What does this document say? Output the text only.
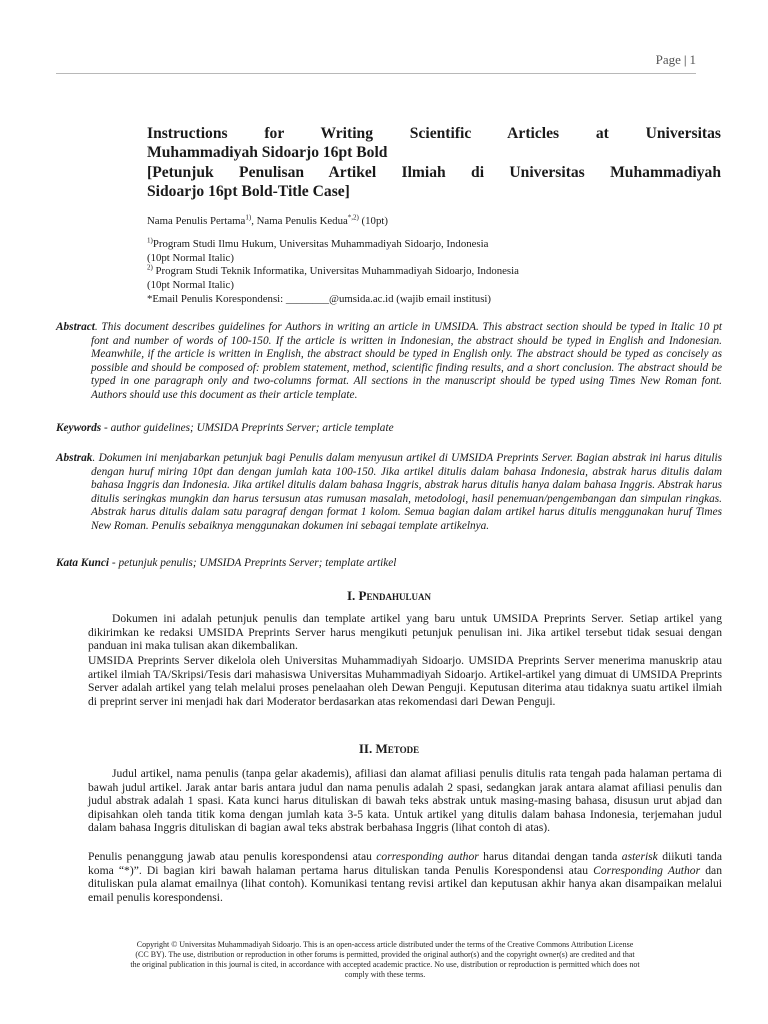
Page | 1
Instructions for Writing Scientific Articles at Universitas
Muhammadiyah Sidoarjo 16pt Bold
[Petunjuk Penulisan Artikel Ilmiah di Universitas Muhammadiyah
Sidoarjo 16pt Bold-Title Case]
Nama Penulis Pertama$^{1)}$, Nama Penulis Kedua$^{*,2)}$ (10pt)
$^{1)}$Program Studi Ilmu Hukum, Universitas Muhammadiyah Sidoarjo, Indonesia
(10pt Normal Italic)
$^{2)}$ Program Studi Teknik Informatika, Universitas Muhammadiyah Sidoarjo, Indonesia
(10pt Normal Italic)
*Email Penulis Korespondensi: ________@umsida.ac.id (wajib email institusi)
Abstract. This document describes guidelines for Authors in writing an article in UMSIDA. This abstract section should be typed in Italic 10 pt font and number of words of 100-150. If the article is written in Indonesian, the abstract should be typed in English and Indonesian. Meanwhile, if the article is written in English, the abstract should be typed in English only. The abstract should be typed as concisely as possible and should be composed of: problem statement, method, scientific finding results, and a short conclusion. The abstract should be typed in one paragraph only and two-columns format. All sections in the manuscript should be typed using Times New Roman font. Authors should use this document as their article template.
Keywords - author guidelines; UMSIDA Preprints Server; article template
Abstrak. Dokumen ini menjabarkan petunjuk bagi Penulis dalam menyusun artikel di UMSIDA Preprints Server. Bagian abstrak ini harus ditulis dengan huruf miring 10pt dan dengan jumlah kata 100-150. Jika artikel ditulis dalam bahasa Indonesia, abstrak harus ditulis dalam bahasa Inggris dan Indonesia. Jika artikel ditulis dalam bahasa Inggris, abstrak harus ditulis hanya dalam bahasa Inggris. Abstrak harus ditulis seringkas mungkin dan harus tersusun atas rumusan masalah, metodologi, hasil penemuan/pengembangan dan simpulan ringkas. Abstrak harus ditulis dalam satu paragraf dengan format 1 kolom. Semua bagian dalam artikel harus ditulis menggunakan huruf Times New Roman. Penulis sebaiknya menggunakan dokumen ini sebagai template artikelnya.
Kata Kunci - petunjuk penulis; UMSIDA Preprints Server; template artikel
I. Pendahuluan
Dokumen ini adalah petunjuk penulis dan template artikel yang baru untuk UMSIDA Preprints Server. Setiap artikel yang dikirimkan ke redaksi UMSIDA Preprints Server harus mengikuti petunjuk penulisan ini. Jika artikel tersebut tidak sesuai dengan panduan ini maka tulisan akan dikembalikan.
UMSIDA Preprints Server dikelola oleh Universitas Muhammadiyah Sidoarjo. UMSIDA Preprints Server menerima manuskrip atau artikel ilmiah TA/Skripsi/Tesis dari mahasiswa Universitas Muhammadiyah Sidoarjo. Artikel-artikel yang dimuat di UMSIDA Preprints Server adalah artikel yang telah melalui proses penelaahan oleh Dewan Penguji. Keputusan diterima atau tidaknya suatu artikel ilmiah di preprint server ini menjadi hak dari Moderator berdasarkan atas rekomendasi dari Dewan Penguji.
II. Metode
Judul artikel, nama penulis (tanpa gelar akademis), afiliasi dan alamat afiliasi penulis ditulis rata tengah pada halaman pertama di bawah judul artikel. Jarak antar baris antara judul dan nama penulis adalah 2 spasi, sedangkan jarak antara alamat afiliasi penulis dan judul abstrak adalah 1 spasi. Kata kunci harus dituliskan di bawah teks abstrak untuk masing-masing bahasa, disusun urut abjad dan dipisahkan oleh tanda titik koma dengan jumlah kata 3-5 kata. Untuk artikel yang ditulis dalam bahasa Indonesia, terjemahan judul dalam bahasa Inggris dituliskan di bagian awal teks abstrak berbahasa Inggris (lihat contoh di atas).
Penulis penanggung jawab atau penulis korespondensi atau corresponding author harus ditandai dengan tanda asterisk diikuti tanda koma “*)”. Di bagian kiri bawah halaman pertama harus dituliskan tanda Penulis Korespondensi atau Corresponding Author dan dituliskan pula alamat emailnya (lihat contoh). Komunikasi tentang revisi artikel dan keputusan akhir hanya akan disampaikan melalui email penulis korespondensi.
Copyright © Universitas Muhammadiyah Sidoarjo. This is an open-access article distributed under the terms of the Creative Commons Attribution License (CC BY). The use, distribution or reproduction in other forums is permitted, provided the original author(s) and the copyright owner(s) are credited and that the original publication in this journal is cited, in accordance with accepted academic practice. No use, distribution or reproduction is permitted which does not comply with these terms.
